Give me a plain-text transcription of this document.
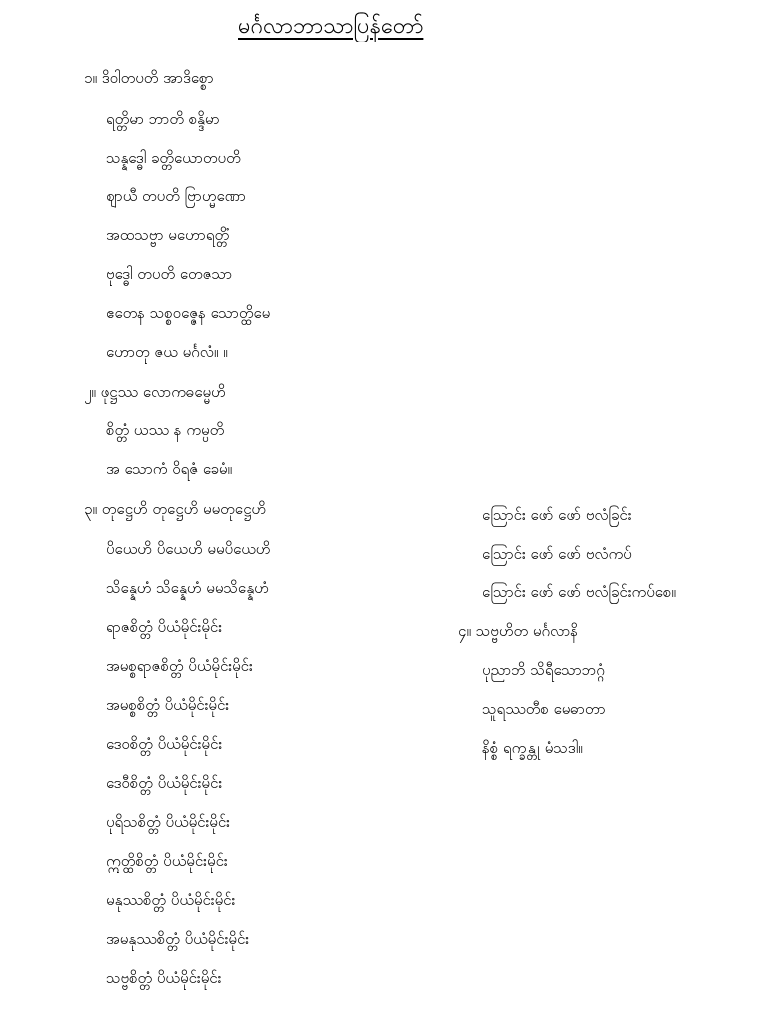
မင်္ဂလာဘာသာပြန်တော်
၁။ ဒိဝါတပတိ အာဒိစ္စော
ရတ္တိမာ ဘာတိ စန္ဒိမာ
သန္နဒ္ဓေါ ခတ္တိယောတပတိ
ဈာယီ တပတိ ဗြာဟ္မဏော
အထသဗ္ဗာ မဟောရတ္တိံ
ဗုဒ္ဓေါ တပတိ တေဇသာ
ဧတေန သစ္စဝဇ္ဇေန သောတ္ထိမေ
ဟောတု ဇယ မင်္ဂလံ။ ။
၂။ ဖုဋ္ဌဿ လောကဓမ္မေဟိ
စိတ္တံ ယဿ န ကမ္ပတိ
အ သောကံ ဝိရဇံ ခေမံ။
၃။ တုဋ္ဌေဟိ တုဋ္ဌေဟိ မမတုဋ္ဌေဟိ
ပိယေဟိ ပိယေဟိ မမပိယေဟိ
သိန္နေဟံ သိန္နေဟံ မမသိန္နေဟံ
ရာဇစိတ္တံ ပိယံမိုင်းမိုင်း
အမစ္စရာဇစိတ္တံ ပိယံမိုင်းမိုင်း
အမစ္စစိတ္တံ ပိယံမိုင်းမိုင်း
ဒေဝစိတ္တံ ပိယံမိုင်းမိုင်း
ဒေဝီစိတ္တံ ပိယံမိုင်းမိုင်း
ပုရိသစိတ္တံ ပိယံမိုင်းမိုင်း
ဣတ္ထိစိတ္တံ ပိယံမိုင်းမိုင်း
မနုဿစိတ္တံ ပိယံမိုင်းမိုင်း
အမနုဿစိတ္တံ ပိယံမိုင်းမိုင်း
သဗ္ဗစိတ္တံ ပိယံမိုင်းမိုင်း
သြောင်း ဖော် ဖော် ဗလံခြင်း
သြောင်း ဖော် ဖော် ဗလံကပ်
သြောင်း ဖော် ဖော် ဗလံခြင်းကပ်စေ။
၄။ သဗ္ဗဟိတ မင်္ဂလာနိ
ပုညာဘိ သိရီသောဘဂ္ဂံ
သူရဿတီစ မေဓာတာ
နိစ္စံ ရက္ခန္တု မံသဒါ။
